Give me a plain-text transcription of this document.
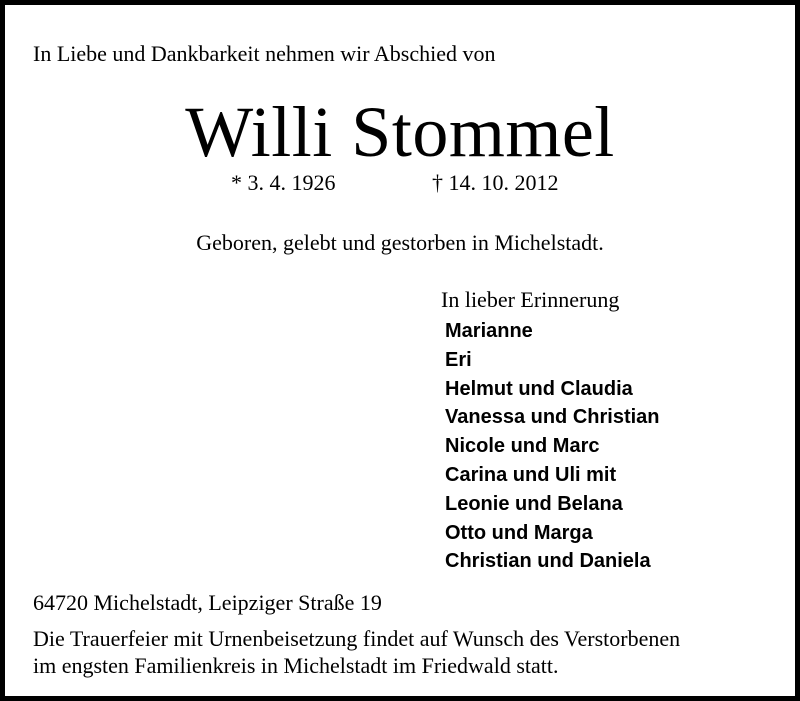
In Liebe und Dankbarkeit nehmen wir Abschied von
Willi Stommel
* 3. 4. 1926	† 14. 10. 2012
Geboren, gelebt und gestorben in Michelstadt.
In lieber Erinnerung
Marianne
Eri
Helmut und Claudia
Vanessa und Christian
Nicole und Marc
Carina und Uli mit
Leonie und Belana
Otto und Marga
Christian und Daniela
64720 Michelstadt, Leipziger Straße 19
Die Trauerfeier mit Urnenbeisetzung findet auf Wunsch des Verstorbenen
im engsten Familienkreis in Michelstadt im Friedwald statt.
